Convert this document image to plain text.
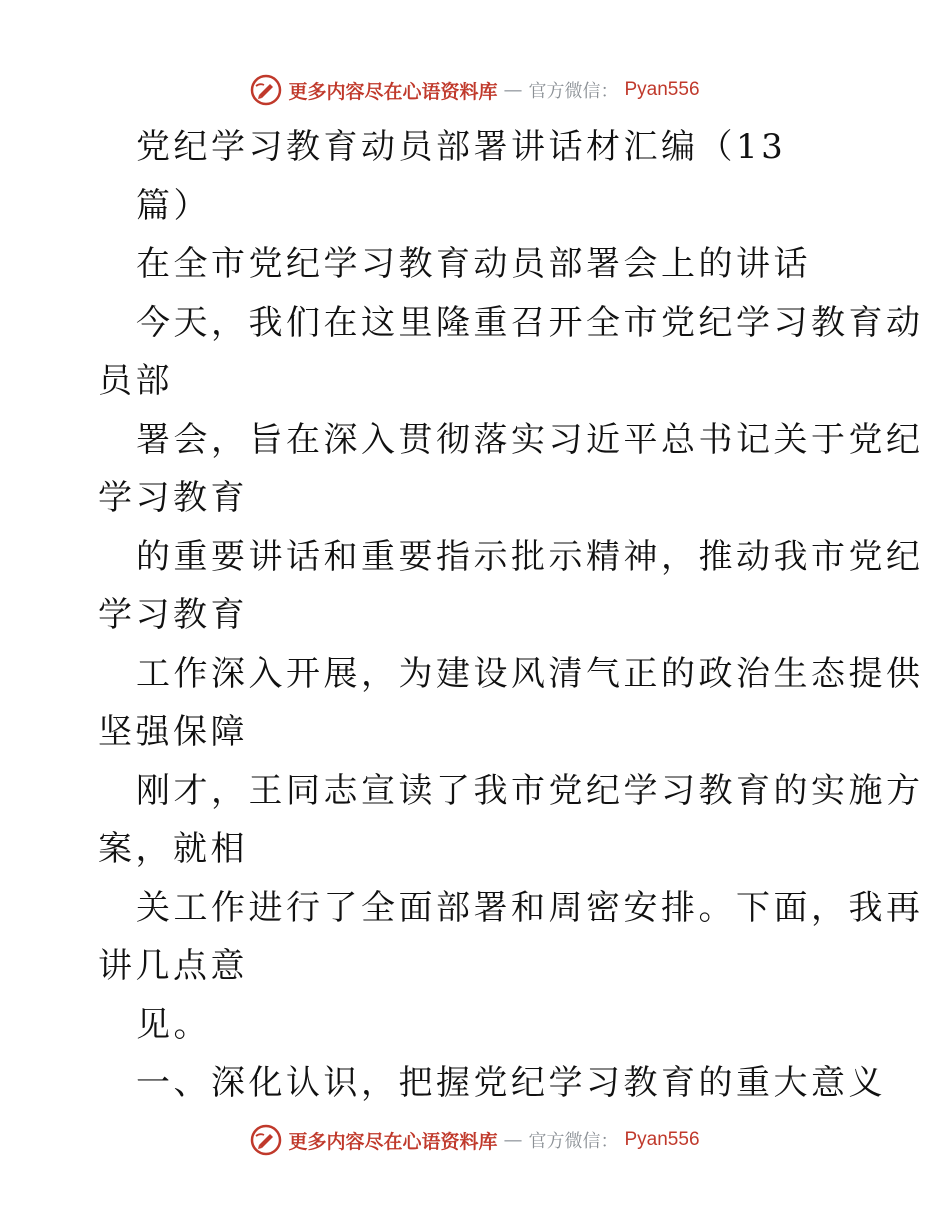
更多内容尽在心语资料库 — 官方微信： Pyan556
党纪学习教育动员部署讲话材汇编（13
篇）
在全市党纪学习教育动员部署会上的讲话
今天，我们在这里隆重召开全市党纪学习教育动
员部
署会，旨在深入贯彻落实习近平总书记关于党纪
学习教育
的重要讲话和重要指示批示精神，推动我市党纪
学习教育
工作深入开展，为建设风清气正的政治生态提供
坚强保障
刚才，王同志宣读了我市党纪学习教育的实施方
案，就相
关工作进行了全面部署和周密安排。下面，我再
讲几点意
见。
一、深化认识，把握党纪学习教育的重大意义
更多内容尽在心语资料库 — 官方微信： Pyan556
